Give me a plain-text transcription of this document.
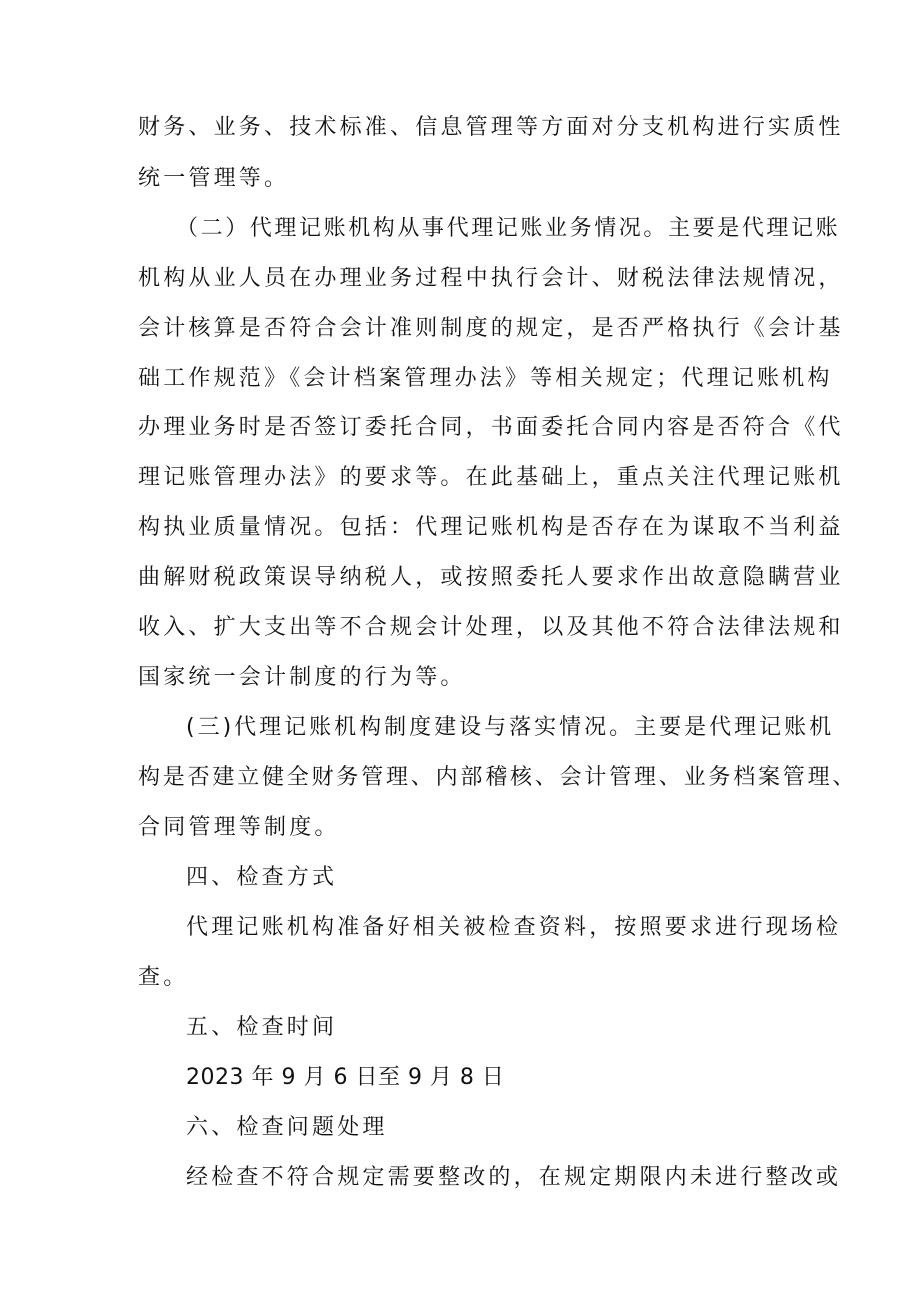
财务、业务、技术标准、信息管理等方面对分支机构进行实质性
统一管理等。
（二）代理记账机构从事代理记账业务情况。主要是代理记账
机构从业人员在办理业务过程中执行会计、财税法律法规情况，
会计核算是否符合会计准则制度的规定，是否严格执行《会计基
础工作规范》《会计档案管理办法》等相关规定；代理记账机构
办理业务时是否签订委托合同，书面委托合同内容是否符合《代
理记账管理办法》的要求等。在此基础上，重点关注代理记账机
构执业质量情况。包括：代理记账机构是否存在为谋取不当利益
曲解财税政策误导纳税人，或按照委托人要求作出故意隐瞒营业
收入、扩大支出等不合规会计处理，以及其他不符合法律法规和
国家统一会计制度的行为等。
(三)代理记账机构制度建设与落实情况。主要是代理记账机
构是否建立健全财务管理、内部稽核、会计管理、业务档案管理、
合同管理等制度。
四、检查方式
代理记账机构准备好相关被检查资料，按照要求进行现场检
查。
五、检查时间
2023 年 9 月 6 日至 9 月 8 日
六、检查问题处理
经检查不符合规定需要整改的，在规定期限内未进行整改或
